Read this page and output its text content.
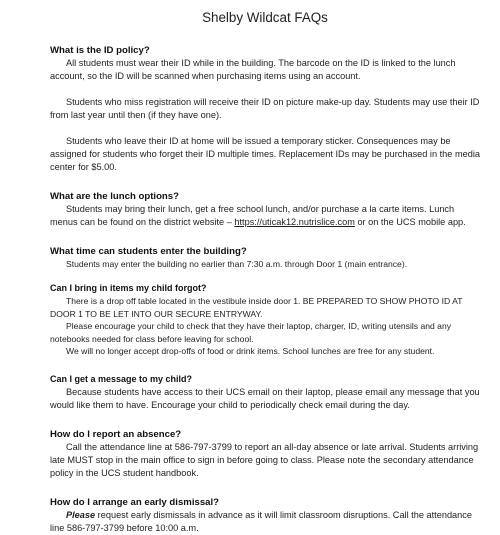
Shelby Wildcat FAQs

What is the ID policy?

All students must wear their ID while in the building. The barcode on the ID is linked to the lunch account, so the ID will be scanned when purchasing items using an account.

Students who miss registration will receive their ID on picture make-up day. Students may use their ID from last year until then (if they have one).

Students who leave their ID at home will be issued a temporary sticker. Consequences may be assigned for students who forget their ID multiple times. Replacement IDs may be purchased in the media center for $5.00.

What are the lunch options?

Students may bring their lunch, get a free school lunch, and/or purchase a la carte items. Lunch menus can be found on the district website – https://uticak12.nutrislice.com or on the UCS mobile app.

What time can students enter the building?

Students may enter the building no earlier than 7:30 a.m. through Door 1 (main entrance).

Can I bring in items my child forgot?

There is a drop off table located in the vestibule inside door 1. BE PREPARED TO SHOW PHOTO ID AT DOOR 1 TO BE LET INTO OUR SECURE ENTRYWAY.

Please encourage your child to check that they have their laptop, charger, ID, writing utensils and any notebooks needed for class before leaving for school.

We will no longer accept drop-offs of food or drink items. School lunches are free for any student.

Can I get a message to my child?

Because students have access to their UCS email on their laptop, please email any message that you would like them to have. Encourage your child to periodically check email during the day.

How do I report an absence?

Call the attendance line at 586-797-3799 to report an all-day absence or late arrival. Students arriving late MUST stop in the main office to sign in before going to class. Please note the secondary attendance policy in the UCS student handbook.

How do I arrange an early dismissal?

Please request early dismissals in advance as it will limit classroom disruptions. Call the attendance line 586-797-3799 before 10:00 a.m.
